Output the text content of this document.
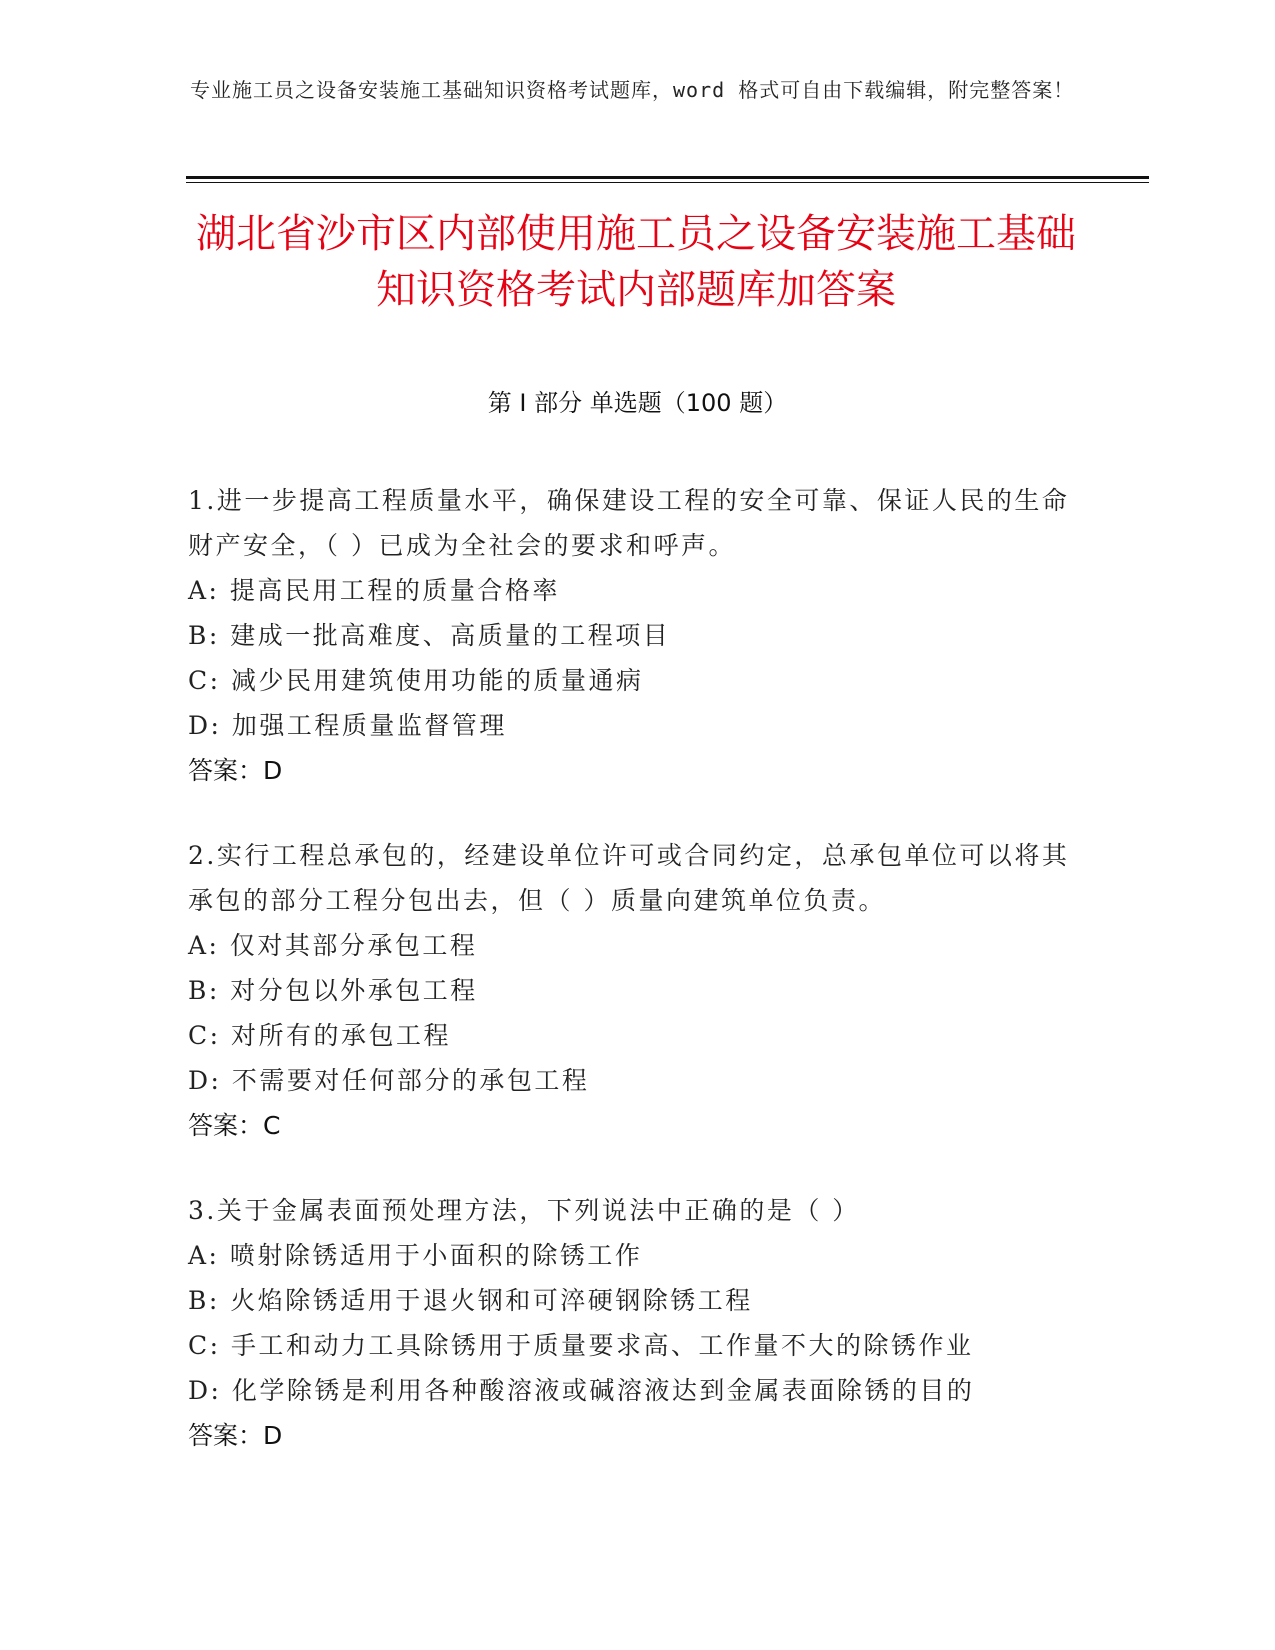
专业施工员之设备安装施工基础知识资格考试题库，word 格式可自由下载编辑，附完整答案！
湖北省沙市区内部使用施工员之设备安装施工基础知识资格考试内部题库加答案
第 I 部分 单选题（100 题）

1.进一步提高工程质量水平，确保建设工程的安全可靠、保证人民的生命财产安全，（ ）已成为全社会的要求和呼声。

A: 提高民用工程的质量合格率

B: 建成一批高难度、高质量的工程项目

C: 减少民用建筑使用功能的质量通病

D: 加强工程质量监督管理

答案：D

2.实行工程总承包的，经建设单位许可或合同约定，总承包单位可以将其承包的部分工程分包出去，但（ ）质量向建筑单位负责。

A: 仅对其部分承包工程

B: 对分包以外承包工程

C: 对所有的承包工程

D: 不需要对任何部分的承包工程

答案：C

3.关于金属表面预处理方法，下列说法中正确的是（ ）

A: 喷射除锈适用于小面积的除锈工作

B: 火焰除锈适用于退火钢和可淬硬钢除锈工程

C: 手工和动力工具除锈用于质量要求高、工作量不大的除锈作业

D: 化学除锈是利用各种酸溶液或碱溶液达到金属表面除锈的目的

答案：D
